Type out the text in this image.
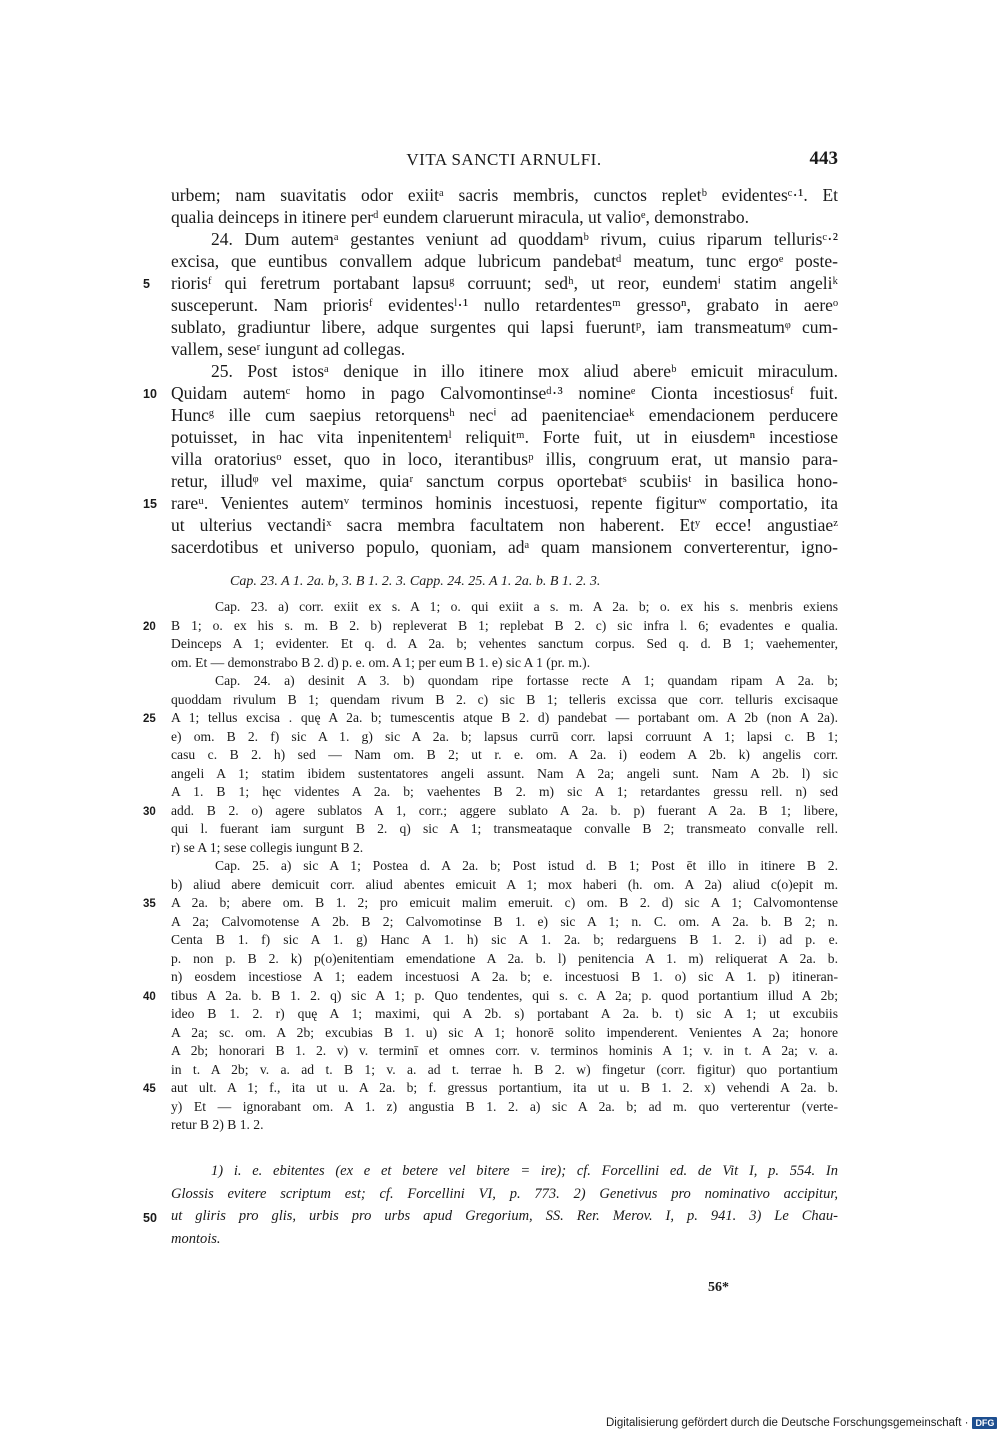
VITA SANCTI ARNULFI.	443
urbem; nam suavitatis odor exiitᵃ sacris membris, cunctos repletᵇ evidentesᶜ·¹. Et
qualia deinceps in itinere perᵈ eundem claruerunt miracula, ut valioᵉ, demonstrabo.
24. Dum autemᵃ gestantes veniunt ad quoddamᵇ rivum, cuius riparum tellurisᶜ·²
excisa, que euntibus convallem adque lubricum pandebatᵈ meatum, tunc ergoᵉ poste-
5	riorisᶠ qui feretrum portabant lapsuᵍ corruunt; sedʰ, ut reor, eundemⁱ statim angeliᵏ
susceperunt. Nam priorisᶠ evidentesˡ·¹ nullo retardentesᵐ gressoⁿ, grabato in aereᵒ
sublato, gradiuntur libere, adque surgentes qui lapsi fueruntᵖ, iam transmeatumᵠ cum-
vallem, seseʳ iungunt ad collegas.
25. Post istosᵃ denique in illo itinere mox aliud abereᵇ emicuit miraculum.
10 Quidam autemᶜ homo in pago Calvomontinseᵈ·³ nomineᵉ Cionta incestiosusᶠ fuit.
Huncᵍ ille cum saepius retorquensʰ necⁱ ad paenitenciaeᵏ emendacionem perducere
potuisset, in hac vita inpenitentemˡ reliquitᵐ. Forte fuit, ut in eiusdemⁿ incestiose
villa oratoriusᵒ esset, quo in loco, iterantibusᵖ illis, congruum erat, ut mansio para-
retur, illudᵠ vel maxime, quiaʳ sanctum corpus oportebatˢ scubiisᵗ in basilica hono-
15 rareᵘ. Venientes autemᵛ terminos hominis incestuosi, repente figiturʷ comportatio, ita
ut ulterius vectandiˣ sacra membra facultatem non haberent. Etʸ ecce! angustiaeᶻ
sacerdotibus et universo populo, quoniam, adᵃ quam mansionem converterentur, igno-
Cap. 23. A 1. 2a. b, 3. B 1. 2. 3. Capp. 24. 25. A 1. 2a. b. B 1. 2. 3.
Cap. 23. a) corr. exiit ex s. A 1; o. qui exiit a s. m. A 2a. b; o. ex his s. menbris exiens
20	B 1; o. ex his s. m. B 2. b) repleverat B 1; replebat B 2. c) sic infra l. 6; evadentes e qualia.
Deinceps A 1; evidenter. Et q. d. A 2a. b; vehentes sanctum corpus. Sed q. d. B 1; vaehementer,
om. Et — demonstrabo B 2. d) p. e. om. A 1; per eum B 1. e) sic A 1 (pr. m.).
Cap. 24. a) desinit A 3. b) quondam ripe fortasse recte A 1; quandam ripam A 2a. b;
quoddam rivulum B 1; quendam rivum B 2. c) sic B 1; telleris excissa que corr. telluris excisaque
25	A 1; tellus excisa . quę A 2a. b; tumescentis atque B 2. d) pandebat — portabant om. A 2b (non A 2a).
e) om. B 2. f) sic A 1. g) sic A 2a. b; lapsus currū corr. lapsi corruunt A 1; lapsi c. B 1;
casu c. B 2. h) sed — Nam om. B 2; ut r. e. om. A 2a. i) eodem A 2b. k) angelis corr.
angeli A 1; statim ibidem sustentatores angeli assunt. Nam A 2a; angeli sunt. Nam A 2b. l) sic
A 1. B 1; hęc videntes A 2a. b; vaehentes B 2. m) sic A 1; retardantes gressu rell. n) sed
30	add. B 2. o) agere sublatos A 1, corr.; aggere sublato A 2a. b. p) fuerant A 2a. B 1; libere,
qui l. fuerant iam surgunt B 2. q) sic A 1; transmeataque convalle B 2; transmeato convalle rell.
r) se A 1; sese collegis iungunt B 2.
Cap. 25. a) sic A 1; Postea d. A 2a. b; Post istud d. B 1; Post ēt illo in itinere B 2.
b) aliud abere demicuit corr. aliud abentes emicuit A 1; mox haberi (h. om. A 2a) aliud c(o)epit m.
35	A 2a. b; abere om. B 1. 2; pro emicuit malim emeruit. c) om. B 2. d) sic A 1; Calvomontense
A 2a; Calvomotense A 2b. B 2; Calvomotinse B 1. e) sic A 1; n. C. om. A 2a. b. B 2; n.
Centa B 1. f) sic A 1. g) Hanc A 1. h) sic A 1. 2a. b; redarguens B 1. 2. i) ad p. e.
p. non p. B 2. k) p(o)enitentiam emendatione A 2a. b. l) penitencia A 1. m) reliquerat A 2a. b.
n) eosdem incestiose A 1; eadem incestuosi A 2a. b; e. incestuosi B 1. o) sic A 1. p) itineran-
40	tibus A 2a. b. B 1. 2. q) sic A 1; p. Quo tendentes, qui s. c. A 2a; p. quod portantium illud A 2b;
ideo B 1. 2. r) quę A 1; maximi, qui A 2b. s) portabant A 2a. b. t) sic A 1; ut excubiis
A 2a; sc. om. A 2b; excubias B 1. u) sic A 1; honorē solito impenderent. Venientes A 2a; honore
A 2b; honorari B 1. 2. v) v. terminī et omnes corr. v. terminos hominis A 1; v. in t. A 2a; v. a.
in t. A 2b; v. a. ad t. B 1; v. a. ad t. terrae h. B 2. w) fingetur (corr. figitur) quo portantium
45	aut ult. A 1; f., ita ut u. A 2a. b; f. gressus portantium, ita ut u. B 1. 2. x) vehendi A 2a. b.
y) Et — ignorabant om. A 1. z) angustia B 1. 2. a) sic A 2a. b; ad m. quo verterentur (verte-
retur B 2) B 1. 2.
1) i. e. ebitentes (ex e et betere vel bitere = ire); cf. Forcellini ed. de Vit I, p. 554. In
Glossis evitere scriptum est; cf. Forcellini VI, p. 773. 2) Genetivus pro nominativo accipitur,
50 ut gliris pro glis, urbis pro urbs apud Gregorium, SS. Rer. Merov. I, p. 941. 3) Le Chau-
montois.
56*
Digitalisierung gefördert durch die Deutsche Forschungsgemeinschaft · DFG
